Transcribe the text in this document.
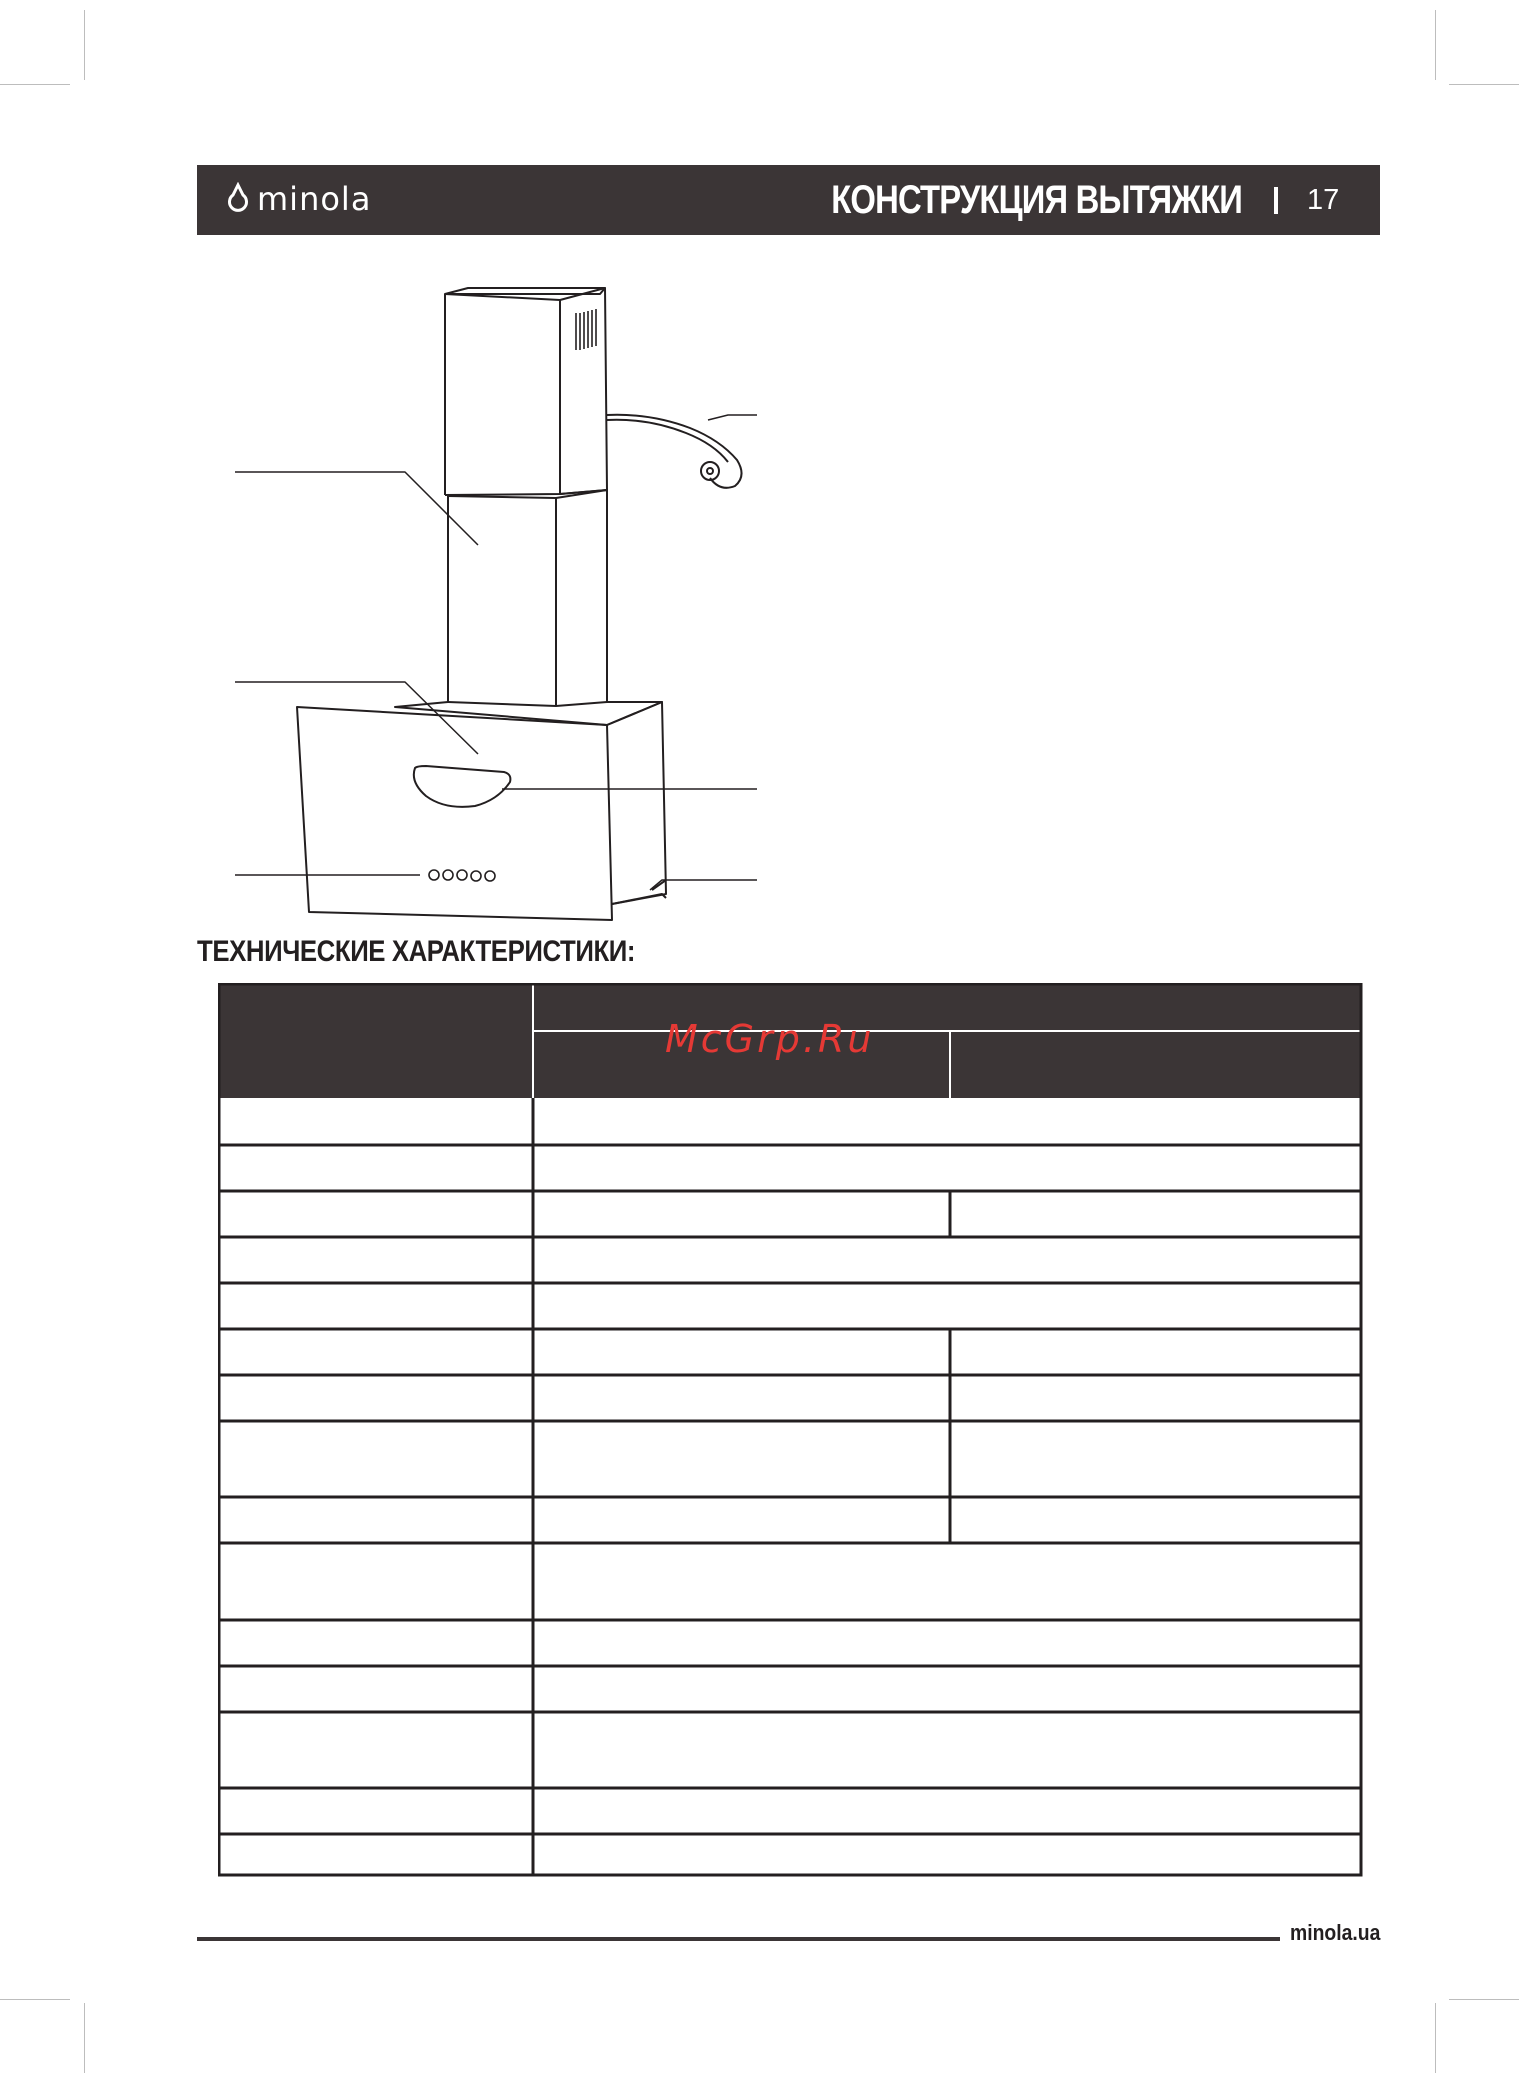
minola	КОНСТРУКЦИЯ ВЫТЯЖКИ 17
ТЕХНИЧЕСКИЕ ХАРАКТЕРИСТИКИ:
McGrp.Ru
minola.ua
